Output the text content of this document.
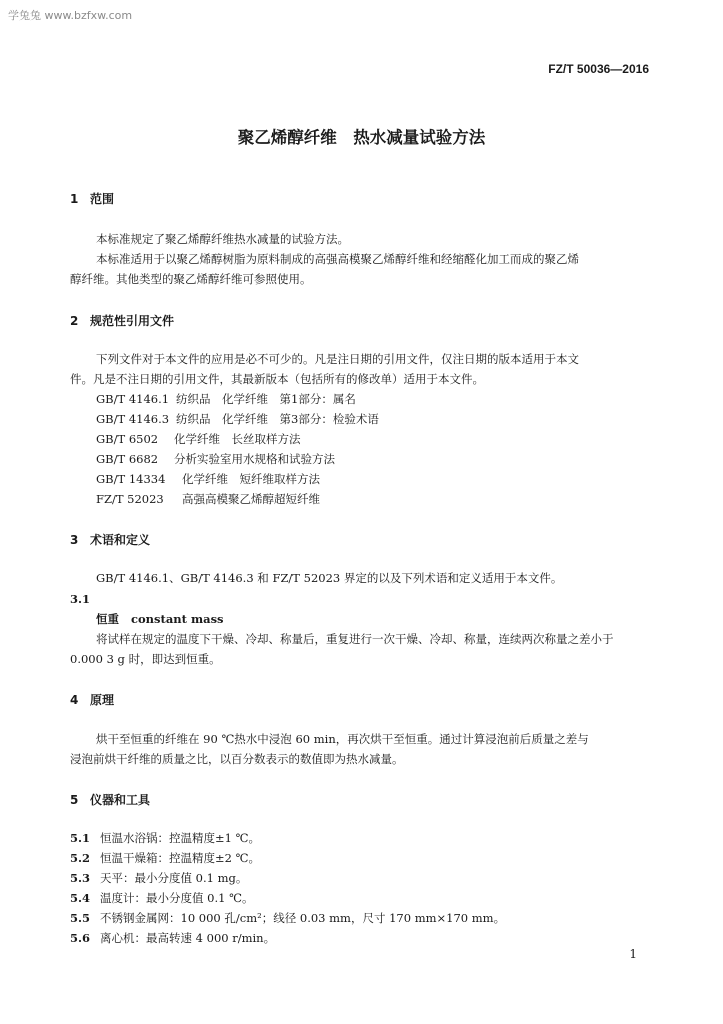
学兔兔 www.bzfxw.com
FZ/T 50036—2016
聚乙烯醇纤维　热水减量试验方法
1 范围
本标准规定了聚乙烯醇纤维热水减量的试验方法。
本标准适用于以聚乙烯醇树脂为原料制成的高强高模聚乙烯醇纤维和经缩醛化加工而成的聚乙烯
醇纤维。其他类型的聚乙烯醇纤维可参照使用。
2 规范性引用文件
下列文件对于本文件的应用是必不可少的。凡是注日期的引用文件，仅注日期的版本适用于本文
件。凡是不注日期的引用文件，其最新版本（包括所有的修改单）适用于本文件。
GB/T 4146.1 纺织品　化学纤维　第1部分：属名
GB/T 4146.3 纺织品　化学纤维　第3部分：检验术语
GB/T 6502 化学纤维　长丝取样方法
GB/T 6682 分析实验室用水规格和试验方法
GB/T 14334 化学纤维　短纤维取样方法
FZ/T 52023 高强高模聚乙烯醇超短纤维
3 术语和定义
GB/T 4146.1、GB/T 4146.3 和 FZ/T 52023 界定的以及下列术语和定义适用于本文件。
3.1
恒重 constant mass
将试样在规定的温度下干燥、冷却、称量后，重复进行一次干燥、冷却、称量，连续两次称量之差小于
0.000 3 g 时，即达到恒重。
4 原理
烘干至恒重的纤维在 90 ℃热水中浸泡 60 min，再次烘干至恒重。通过计算浸泡前后质量之差与
浸泡前烘干纤维的质量之比，以百分数表示的数值即为热水减量。
5 仪器和工具
5.1 恒温水浴锅：控温精度±1 ℃。
5.2 恒温干燥箱：控温精度±2 ℃。
5.3 天平：最小分度值 0.1 mg。
5.4 温度计：最小分度值 0.1 ℃。
5.5 不锈钢金属网：10 000 孔/cm²；线径 0.03 mm，尺寸 170 mm×170 mm。
5.6 离心机：最高转速 4 000 r/min。
1
